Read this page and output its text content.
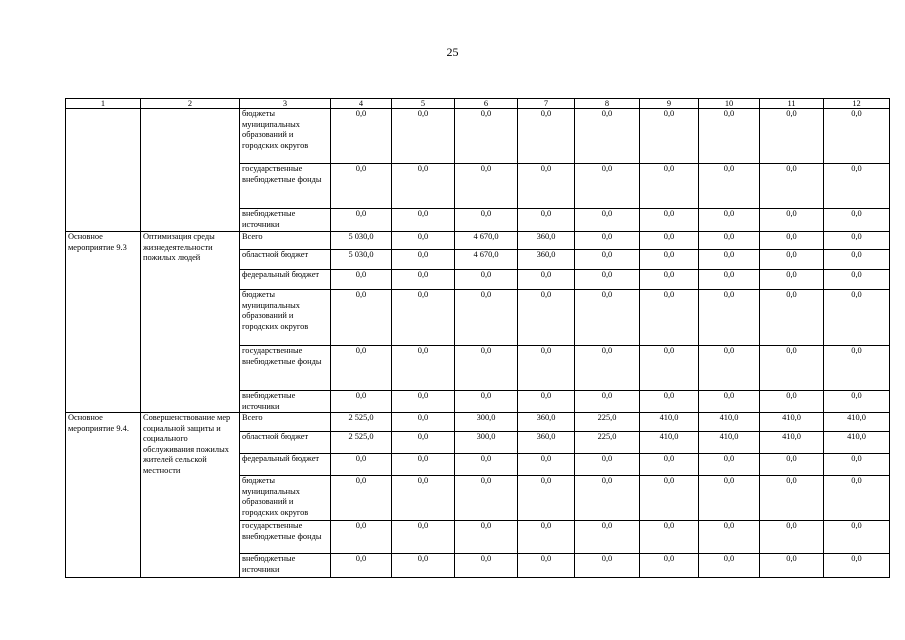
25
1	2	3	4	5	6	7	8	9	10	11	12
		бюджеты муниципальных образований и городских округов	0,0	0,0	0,0	0,0	0,0	0,0	0,0	0,0	0,0
		государственные внебюджетные фонды	0,0	0,0	0,0	0,0	0,0	0,0	0,0	0,0	0,0
		внебюджетные источники	0,0	0,0	0,0	0,0	0,0	0,0	0,0	0,0	0,0
Основное мероприятие 9.3	Оптимизация среды жизнедеятельности пожилых людей	Всего	5 030,0	0,0	4 670,0	360,0	0,0	0,0	0,0	0,0	0,0
		областной бюджет	5 030,0	0,0	4 670,0	360,0	0,0	0,0	0,0	0,0	0,0
		федеральный бюджет	0,0	0,0	0,0	0,0	0,0	0,0	0,0	0,0	0,0
		бюджеты муниципальных образований и городских округов	0,0	0,0	0,0	0,0	0,0	0,0	0,0	0,0	0,0
		государственные внебюджетные фонды	0,0	0,0	0,0	0,0	0,0	0,0	0,0	0,0	0,0
		внебюджетные источники	0,0	0,0	0,0	0,0	0,0	0,0	0,0	0,0	0,0
Основное мероприятие 9.4.	Совершенствование мер социальной защиты и социального обслуживания пожилых жителей сельской местности	Всего	2 525,0	0,0	300,0	360,0	225,0	410,0	410,0	410,0	410,0
		областной бюджет	2 525,0	0,0	300,0	360,0	225,0	410,0	410,0	410,0	410,0
		федеральный бюджет	0,0	0,0	0,0	0,0	0,0	0,0	0,0	0,0	0,0
		бюджеты муниципальных образований и городских округов	0,0	0,0	0,0	0,0	0,0	0,0	0,0	0,0	0,0
		государственные внебюджетные фонды	0,0	0,0	0,0	0,0	0,0	0,0	0,0	0,0	0,0
		внебюджетные источники	0,0	0,0	0,0	0,0	0,0	0,0	0,0	0,0	0,0
